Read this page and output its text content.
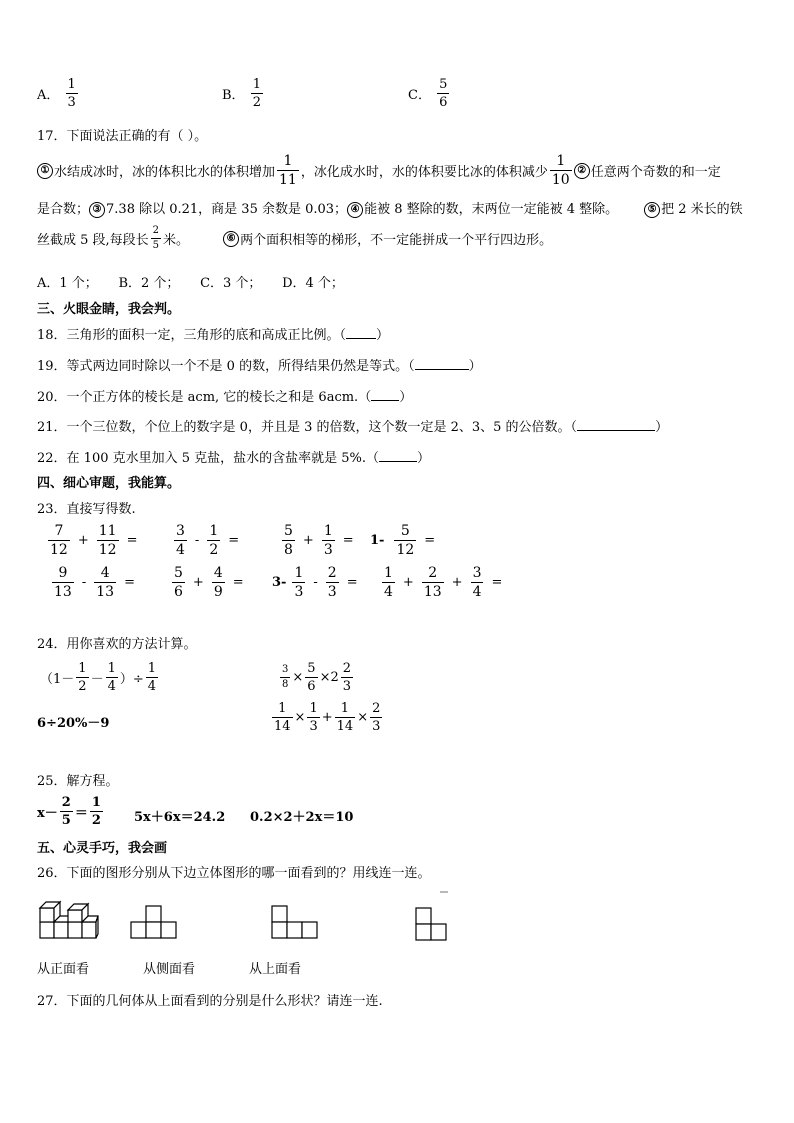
A． $\frac{1}{3}$	B． $\frac{1}{2}$	C． $\frac{5}{6}$
17．下面说法正确的有（ ）。
① 水结成冰时，冰的体积比水的体积增加 $\frac{1}{11}$ ，冰化成水时，水的体积要比冰的体积减少 $\frac{1}{10}$ ② 任意两个奇数的和一定
是合数； ③ 7.38 除以 0.21，商是 35 余数是 0.03； ④ 能被 8 整除的数，末两位一定能被 4 整除。	⑤ 把 2 米长的铁
丝截成 5 段,每段长 $\frac{2}{5}$ 米。	⑥ 两个面积相等的梯形，不一定能拼成一个平行四边形。
A．1 个；     B．2 个；     C．3 个；     D．4 个；
三、火眼金睛，我会判。
18．三角形的面积一定，三角形的底和高成正比例。（ ）
19．等式两边同时除以一个不是 0 的数，所得结果仍然是等式。（	）
20．一个正方体的棱长是 acm, 它的棱长之和是 6acm.（ ）
21．一个三位数，个位上的数字是 0，并且是 3 的倍数，这个数一定是 2、3、5 的公倍数。（	）
22．在 100 克水里加入 5 克盐，盐水的含盐率就是 5%.（	）
四、细心审题，我能算。
23．直接写得数.
$\frac{7}{12} + \frac{11}{12}$ =	$\frac{3}{4} - \frac{1}{2}$ =	$\frac{5}{8} + \frac{1}{3}$ =	$1- \frac{5}{12}$ =
$\frac{9}{13} - \frac{4}{13}$ =	$\frac{5}{6} + \frac{4}{9}$ =	$3- \frac{1}{3} - \frac{2}{3}$ =	$\frac{1}{4} + \frac{2}{13} + \frac{3}{4}$ =
24．用你喜欢的方法计算。
（$1- \frac{1}{2} - \frac{1}{4}$ ）÷ $\frac{1}{4}$	$\frac{3}{8} \times \frac{5}{6} \times 2 \frac{2}{3}$
6÷20%－9	$\frac{1}{14} \times \frac{1}{3} + \frac{1}{14} \times \frac{2}{3}$
25．解方程。
$x- \frac{2}{5} = \frac{1}{2} 5x+6x=24.2$ 0.2×2＋2x＝10
五、心灵手巧，我会画
26．下面的图形分别从下边立体图形的哪一面看到的？用线连一连。
从正面看	从侧面看	从上面看
27．下面的几何体从上面看到的分别是什么形状？请连一连.
